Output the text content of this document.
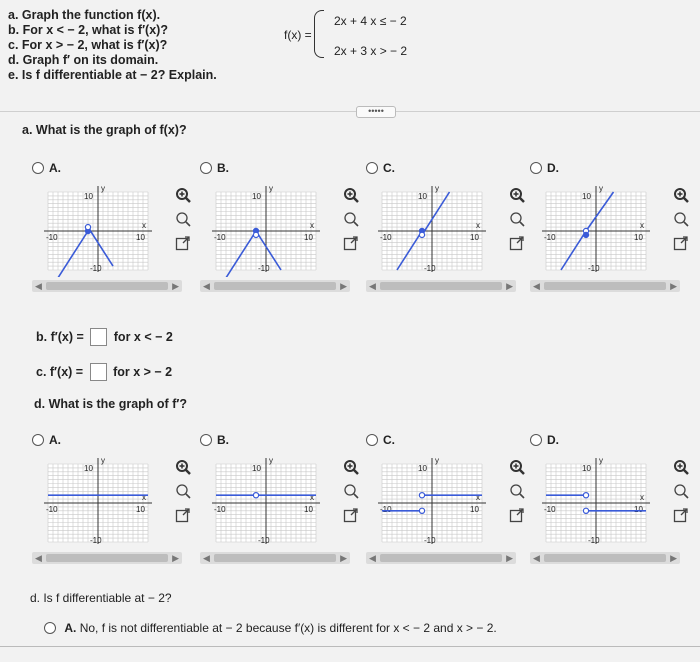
a. Graph the function f(x).
b. For x < − 2, what is f′(x)?
c. For x > − 2, what is f′(x)?
d. Graph f′ on its domain.
e. Is f differentiable at − 2? Explain.
f(x) =
2x + 4 x ≤ − 2
2x + 3 x > − 2
•••••
a. What is the graph of f(x)?
A.
y
10
x
-10	10
-10
◀	▶
B.
y
10
x
-10	10
-10
◀	▶
C.
y
10
x
-10	10
-10
◀	▶
D.
y
10
x
-10	10
-10
◀	▶
b. f′(x) = for x < − 2
c. f′(x) = for x > − 2
d. What is the graph of f′?
A.
y
10
x
-10	10
-10
◀	▶
B.
y
10
x
-10	10
-10
◀	▶
C.
y
10
x
-10	10
-10
◀	▶
D.
y
10
x
-10	10
-10
◀	▶
d. Is f differentiable at − 2?
A. No, f is not differentiable at − 2 because f′(x) is different for x < − 2 and x > − 2.
